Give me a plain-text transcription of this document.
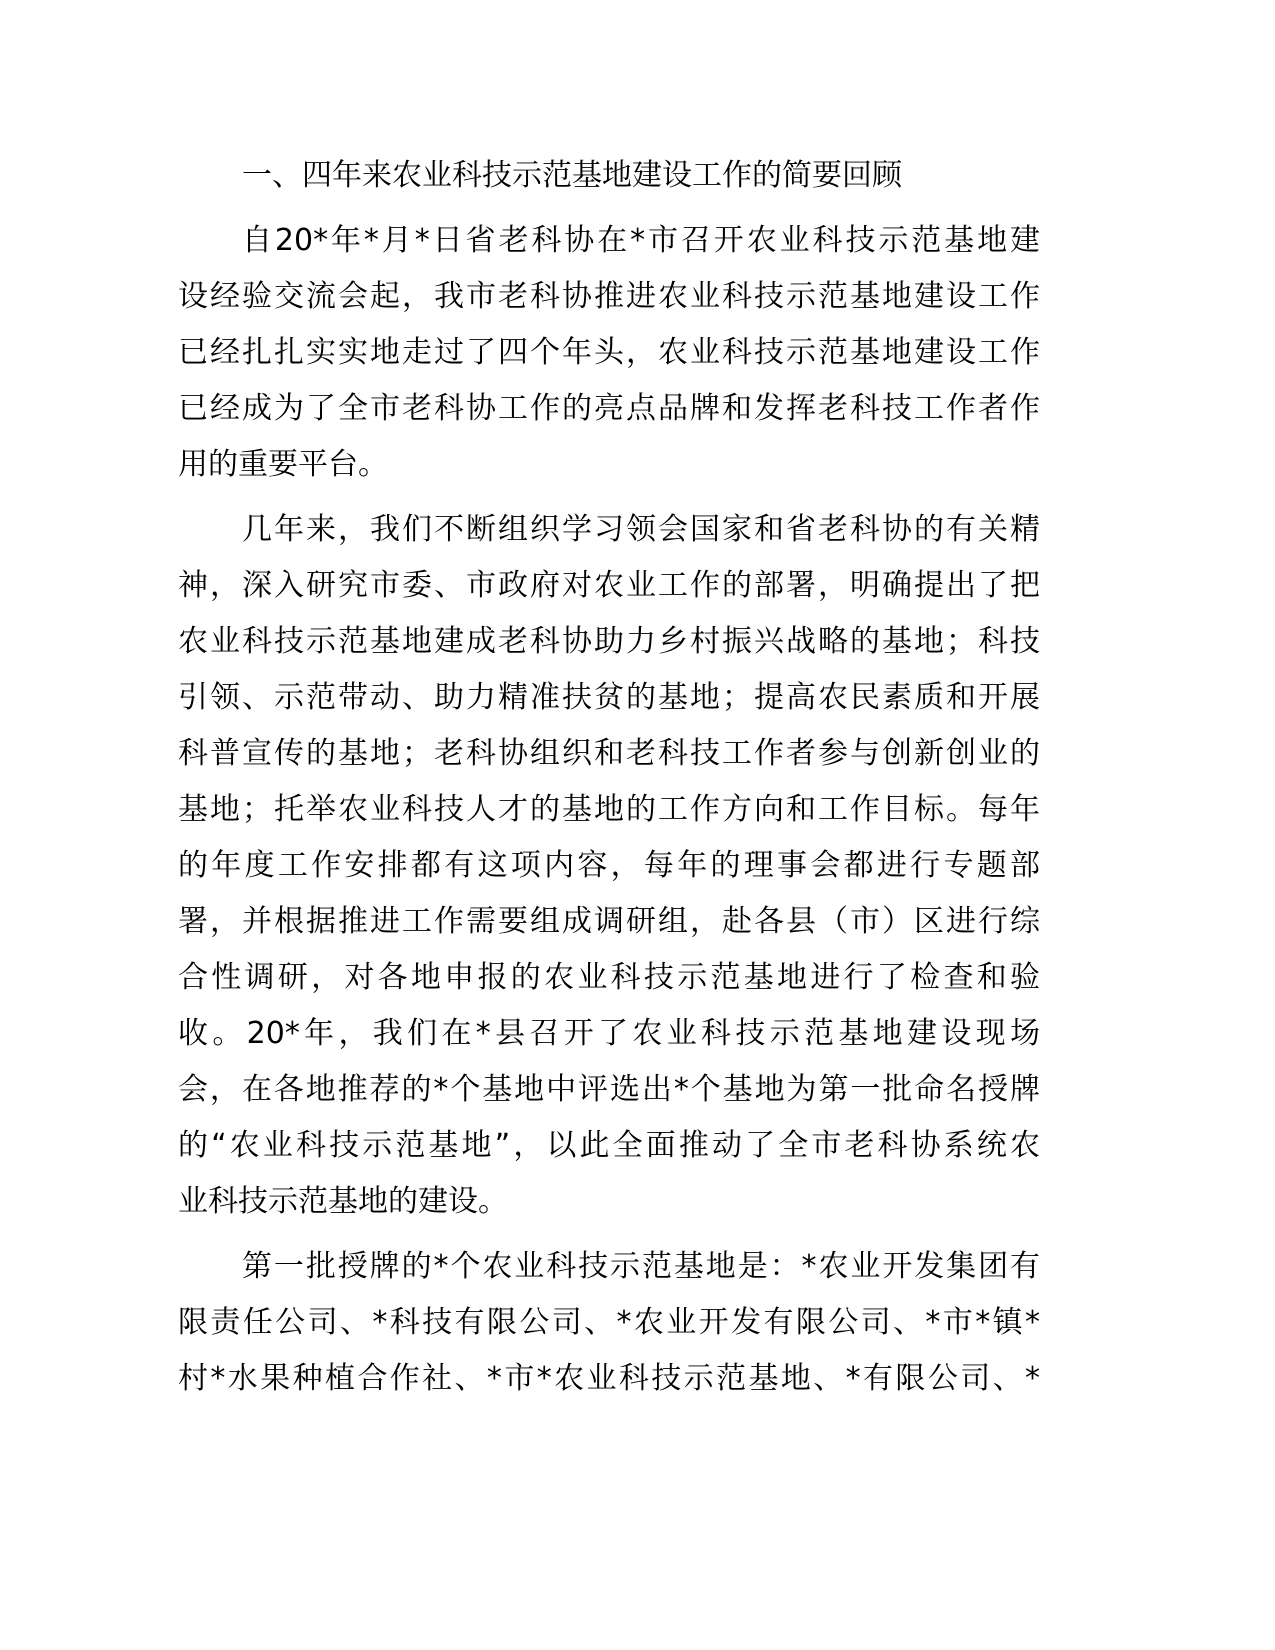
一、四年来农业科技示范基地建设工作的简要回顾
自20*年*月*日省老科协在*市召开农业科技示范基地建
设经验交流会起，我市老科协推进农业科技示范基地建设工作
已经扎扎实实地走过了四个年头，农业科技示范基地建设工作
已经成为了全市老科协工作的亮点品牌和发挥老科技工作者作
用的重要平台。
几年来，我们不断组织学习领会国家和省老科协的有关精
神，深入研究市委、市政府对农业工作的部署，明确提出了把
农业科技示范基地建成老科协助力乡村振兴战略的基地；科技
引领、示范带动、助力精准扶贫的基地；提高农民素质和开展
科普宣传的基地；老科协组织和老科技工作者参与创新创业的
基地；托举农业科技人才的基地的工作方向和工作目标。每年
的年度工作安排都有这项内容，每年的理事会都进行专题部
署，并根据推进工作需要组成调研组，赴各县（市）区进行综
合性调研，对各地申报的农业科技示范基地进行了检查和验
收。20*年，我们在*县召开了农业科技示范基地建设现场
会，在各地推荐的*个基地中评选出*个基地为第一批命名授牌
的“农业科技示范基地”，以此全面推动了全市老科协系统农
业科技示范基地的建设。
第一批授牌的*个农业科技示范基地是：*农业开发集团有
限责任公司、*科技有限公司、*农业开发有限公司、*市*镇*
村*水果种植合作社、*市*农业科技示范基地、*有限公司、*
